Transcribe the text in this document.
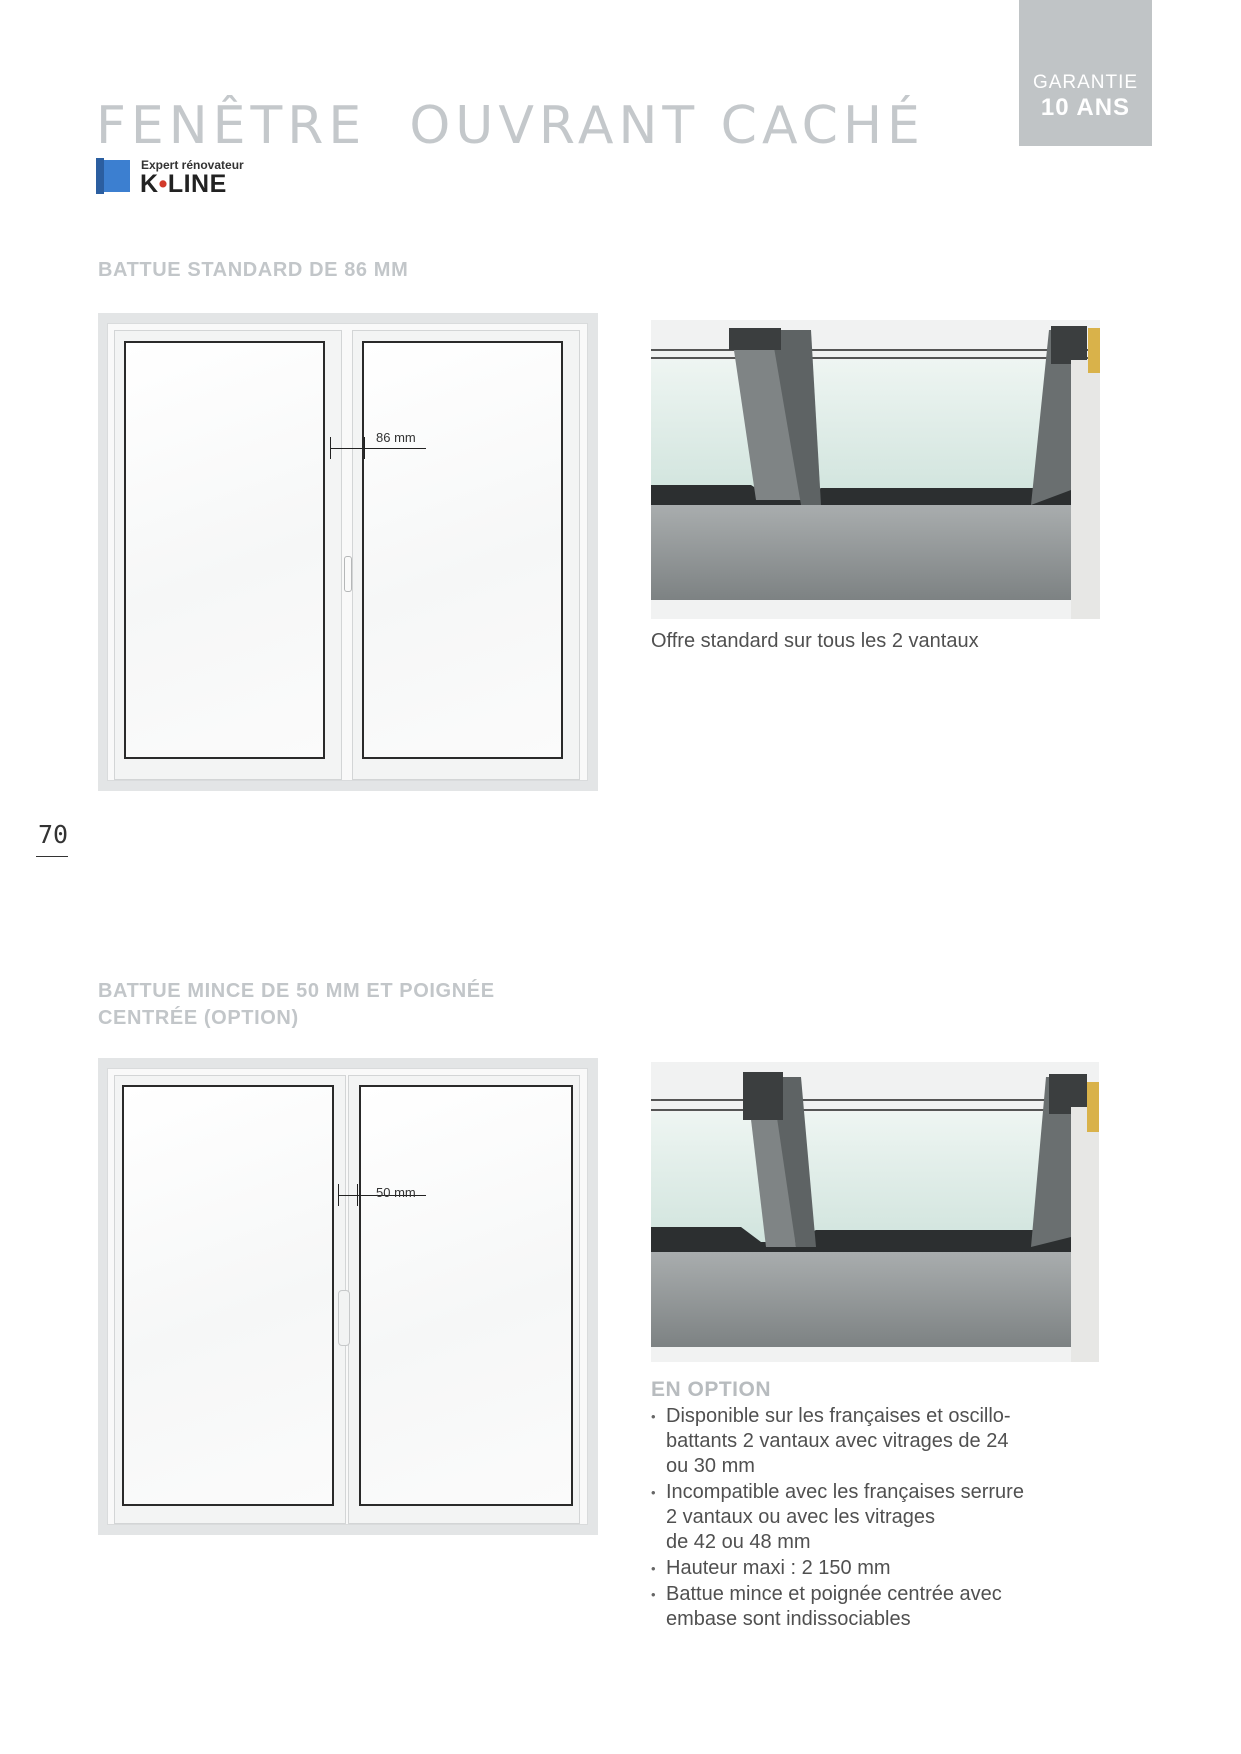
FENÊTRE  OUVRANT CACHÉ
GARANTIE
10 ANS
Expert rénovateur
K•LINE
BATTUE STANDARD DE 86 MM
86 mm
Offre standard sur tous les 2 vantaux
70
BATTUE MINCE DE 50 MM ET POIGNÉE
CENTRÉE (OPTION)
50 mm
EN OPTION
• Disponible sur les françaises et oscillo-
battants 2 vantaux avec vitrages de 24
ou 30 mm
• Incompatible avec les françaises serrure
2 vantaux ou avec les vitrages
de 42 ou 48 mm
• Hauteur maxi : 2 150 mm
• Battue mince et poignée centrée avec
embase sont indissociables
